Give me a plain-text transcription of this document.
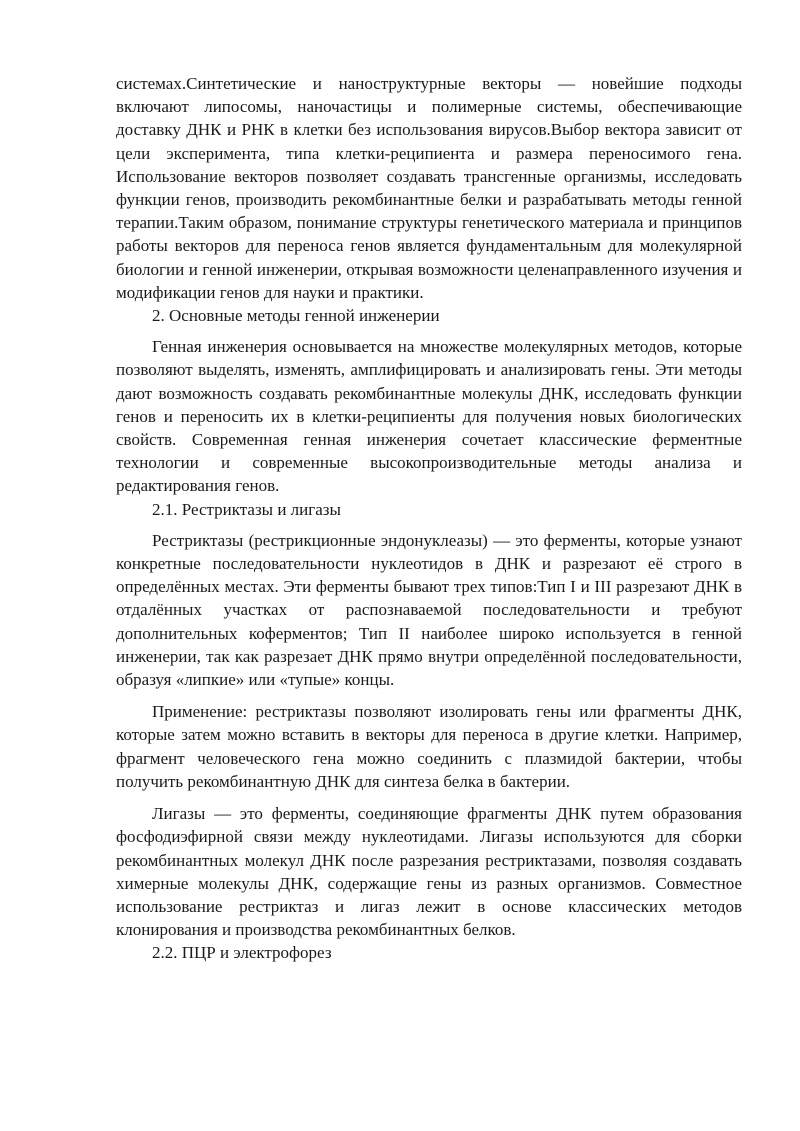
системах.Синтетические и наноструктурные векторы — новейшие подходы включают липосомы, наночастицы и полимерные системы, обеспечивающие доставку ДНК и РНК в клетки без использования вирусов.Выбор вектора зависит от цели эксперимента, типа клетки-реципиента и размера переносимого гена. Использование векторов позволяет создавать трансгенные организмы, исследовать функции генов, производить рекомбинантные белки и разрабатывать методы генной терапии.Таким образом, понимание структуры генетического материала и принципов работы векторов для переноса генов является фундаментальным для молекулярной биологии и генной инженерии, открывая возможности целенаправленного изучения и модификации генов для науки и практики.

2. Основные методы генной инженерии

Генная инженерия основывается на множестве молекулярных методов, которые позволяют выделять, изменять, амплифицировать и анализировать гены. Эти методы дают возможность создавать рекомбинантные молекулы ДНК, исследовать функции генов и переносить их в клетки-реципиенты для получения новых биологических свойств. Современная генная инженерия сочетает классические ферментные технологии и современные высокопроизводительные методы анализа и редактирования генов.

2.1. Рестриктазы и лигазы

Рестриктазы (рестрикционные эндонуклеазы) — это ферменты, которые узнают конкретные последовательности нуклеотидов в ДНК и разрезают её строго в определённых местах. Эти ферменты бывают трех типов:Тип I и III разрезают ДНК в отдалённых участках от распознаваемой последовательности и требуют дополнительных коферментов; Тип II наиболее широко используется в генной инженерии, так как разрезает ДНК прямо внутри определённой последовательности, образуя «липкие» или «тупые» концы.

Применение: рестриктазы позволяют изолировать гены или фрагменты ДНК, которые затем можно вставить в векторы для переноса в другие клетки. Например, фрагмент человеческого гена можно соединить с плазмидой бактерии, чтобы получить рекомбинантную ДНК для синтеза белка в бактерии.

Лигазы — это ферменты, соединяющие фрагменты ДНК путем образования фосфодиэфирной связи между нуклеотидами. Лигазы используются для сборки рекомбинантных молекул ДНК после разрезания рестриктазами, позволяя создавать химерные молекулы ДНК, содержащие гены из разных организмов. Совместное использование рестриктаз и лигаз лежит в основе классических методов клонирования и производства рекомбинантных белков.

2.2. ПЦР и электрофорез
